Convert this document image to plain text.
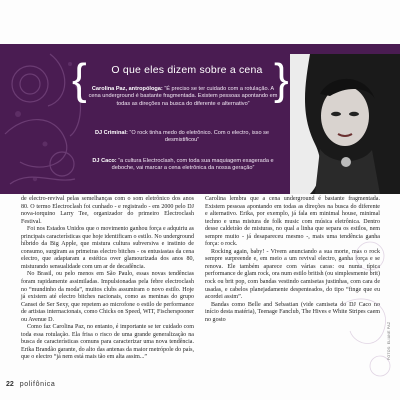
{	}
O que eles dizem sobre a cena
Carolina Paz, antropóloga: “É preciso se ter cuidado com a rotulação. A cena underground é bastante fragmentada. Existem pessoas apontando em todas as direções na busca do diferente e alternativo”
DJ Criminal: “O rock tinha medo do eletrônico. Com o electro, isso se desmistificou”
DJ Caco: “a cultura Electroclash, com toda sua maquiagem exagerada e deboche, vai marcar a cena eletrônica da nossa geração”

de electro-revival pelas semelhanças com o som eletrônico dos anos 80. O termo Electroclash foi cunhado - e registrado - em 2000 pelo DJ nova-iorquino Larry Tee, organizador do primeiro Electroclash Festival.

Foi nos Estados Unidos que o movimento ganhou força e adquiriu as principais características que hoje identificam o estilo. No underground híbrido da Big Apple, que mistura cultura subversiva e instinto de consumo, surgiram as primeiras electro bitches - os entusiastas da cena electro, que adaptaram a estética over glamourizada dos anos 80, misturando sensualidade com um ar de decadência.

No Brasil, ou pelo menos em São Paulo, essas novas tendências foram rapidamente assimiladas. Impulsionadas pela febre electroclash no “mundinho da moda”, muitos clubs assumiram o novo estilo. Hoje já existem até electro bitches nacionais, como as meninas do grupo Cansei de Ser Sexy, que repetem ao microfone o estilo de performance de artistas internacionais, como Chicks on Speed, WIT, Fischerspooner ou Avenue D.

Como faz Carolina Paz, no entanto, é importante se ter cuidado com toda essa rotulação. Ela frisa o risco de uma grande generalização na busca de características comuns para caracterizar uma nova tendência. Erika Brandão garante, do alto das antenas da maior metrópole do país, que o electro “já nem está mais tão em alta assim...”

Carolina lembra que a cena underground é bastante fragmentada. Existem pessoas apontando em todas as direções na busca do diferente e alternativo. Erika, por exemplo, já fala em minimal house, minimal techno e uma mistura de folk music com música eletrônica. Dentro desse caldeirão de misturas, no qual a linha que separa os estilos, nem sempre muito - já desapareceu mesmo -, mais uma tendência ganha força: o rock.

Rocking again, baby! - Vivem anunciando a sua morte, mas o rock sempre surpreende e, em meio a um revival electro, ganha força e se renova. Ele também aparece com várias caras: ou numa típica performance de glam rock, ora num estilo british (ou simplesmente brit) rock ou brit pop, com bandas vestindo camisetas justinhas, com cara de usadas, e cabelos planejadamente despenteados, do tipo “finge que eu acordei assim”.

Bandas como Belle and Sebastian (vide camiseta do DJ Caco no início desta matéria), Teenage Fanclub, The Hives e White Stripes caem no gosto

FOTOS: ELIANE PAZ
22 polifônica
